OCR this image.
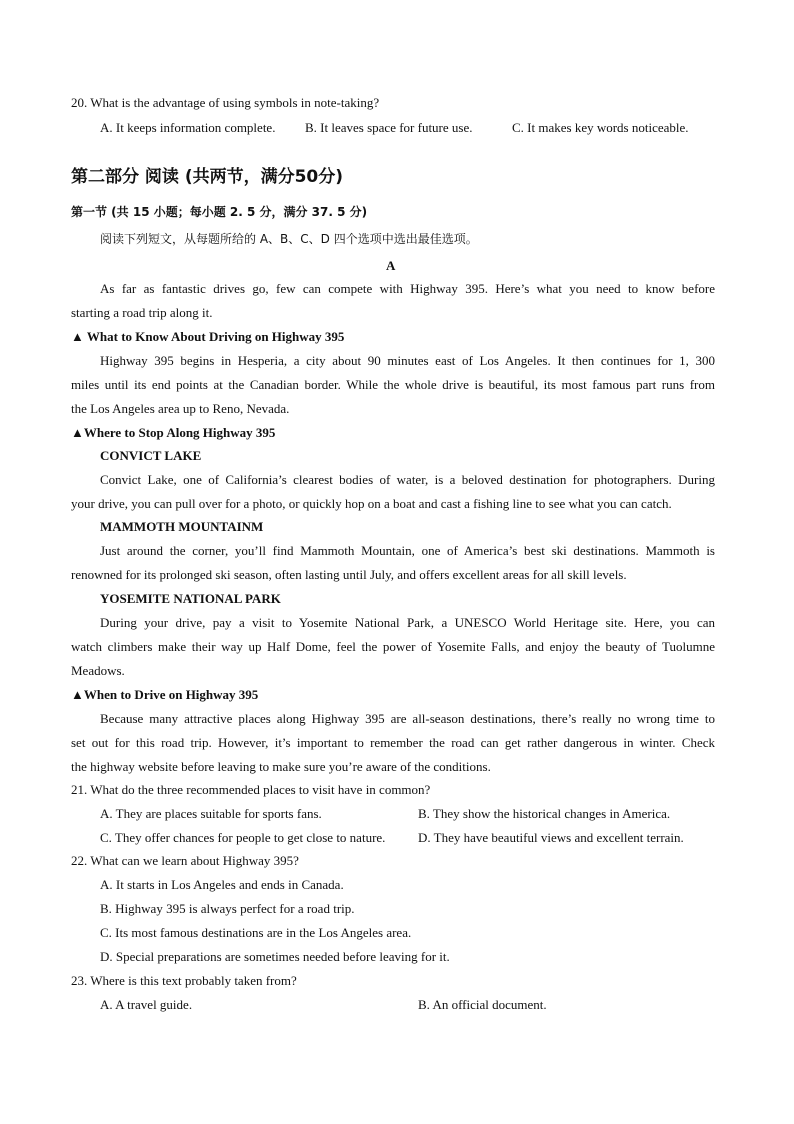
20. What is the advantage of using symbols in note-taking?
A. It keeps information complete. B. It leaves space for future use.	C. It makes key words noticeable.
第二部分 阅读 (共两节，满分50分)
第一节 (共 15 小题；每小题 2. 5 分，满分 37. 5 分)
阅读下列短文，从每题所给的 A、B、C、D 四个选项中选出最佳选项。
A
As far as fantastic drives go, few can compete with Highway 395. Here’s what you need to know before
starting a road trip along it.
▲ What to Know About Driving on Highway 395
Highway 395 begins in Hesperia, a city about 90 minutes east of Los Angeles. It then continues for 1, 300
miles until its end points at the Canadian border. While the whole drive is beautiful, its most famous part runs from
the Los Angeles area up to Reno, Nevada.
▲Where to Stop Along Highway 395
CONVICT LAKE
Convict Lake, one of California’s clearest bodies of water, is a beloved destination for photographers. During
your drive, you can pull over for a photo, or quickly hop on a boat and cast a fishing line to see what you can catch.
MAMMOTH MOUNTAINM
Just around the corner, you’ll find Mammoth Mountain, one of America’s best ski destinations. Mammoth is
renowned for its prolonged ski season, often lasting until July, and offers excellent areas for all skill levels.
YOSEMITE NATIONAL PARK
During your drive, pay a visit to Yosemite National Park, a UNESCO World Heritage site. Here, you can
watch climbers make their way up Half Dome, feel the power of Yosemite Falls, and enjoy the beauty of Tuolumne
Meadows.
▲When to Drive on Highway 395
Because many attractive places along Highway 395 are all-season destinations, there’s really no wrong time to
set out for this road trip. However, it’s important to remember the road can get rather dangerous in winter. Check
the highway website before leaving to make sure you’re aware of the conditions.
21. What do the three recommended places to visit have in common?
A. They are places suitable for sports fans.	B. They show the historical changes in America.
C. They offer chances for people to get close to nature.	D. They have beautiful views and excellent terrain.
22. What can we learn about Highway 395?
A. It starts in Los Angeles and ends in Canada.
B. Highway 395 is always perfect for a road trip.
C. Its most famous destinations are in the Los Angeles area.
D. Special preparations are sometimes needed before leaving for it.
23. Where is this text probably taken from?
A. A travel guide.	B. An official document.
